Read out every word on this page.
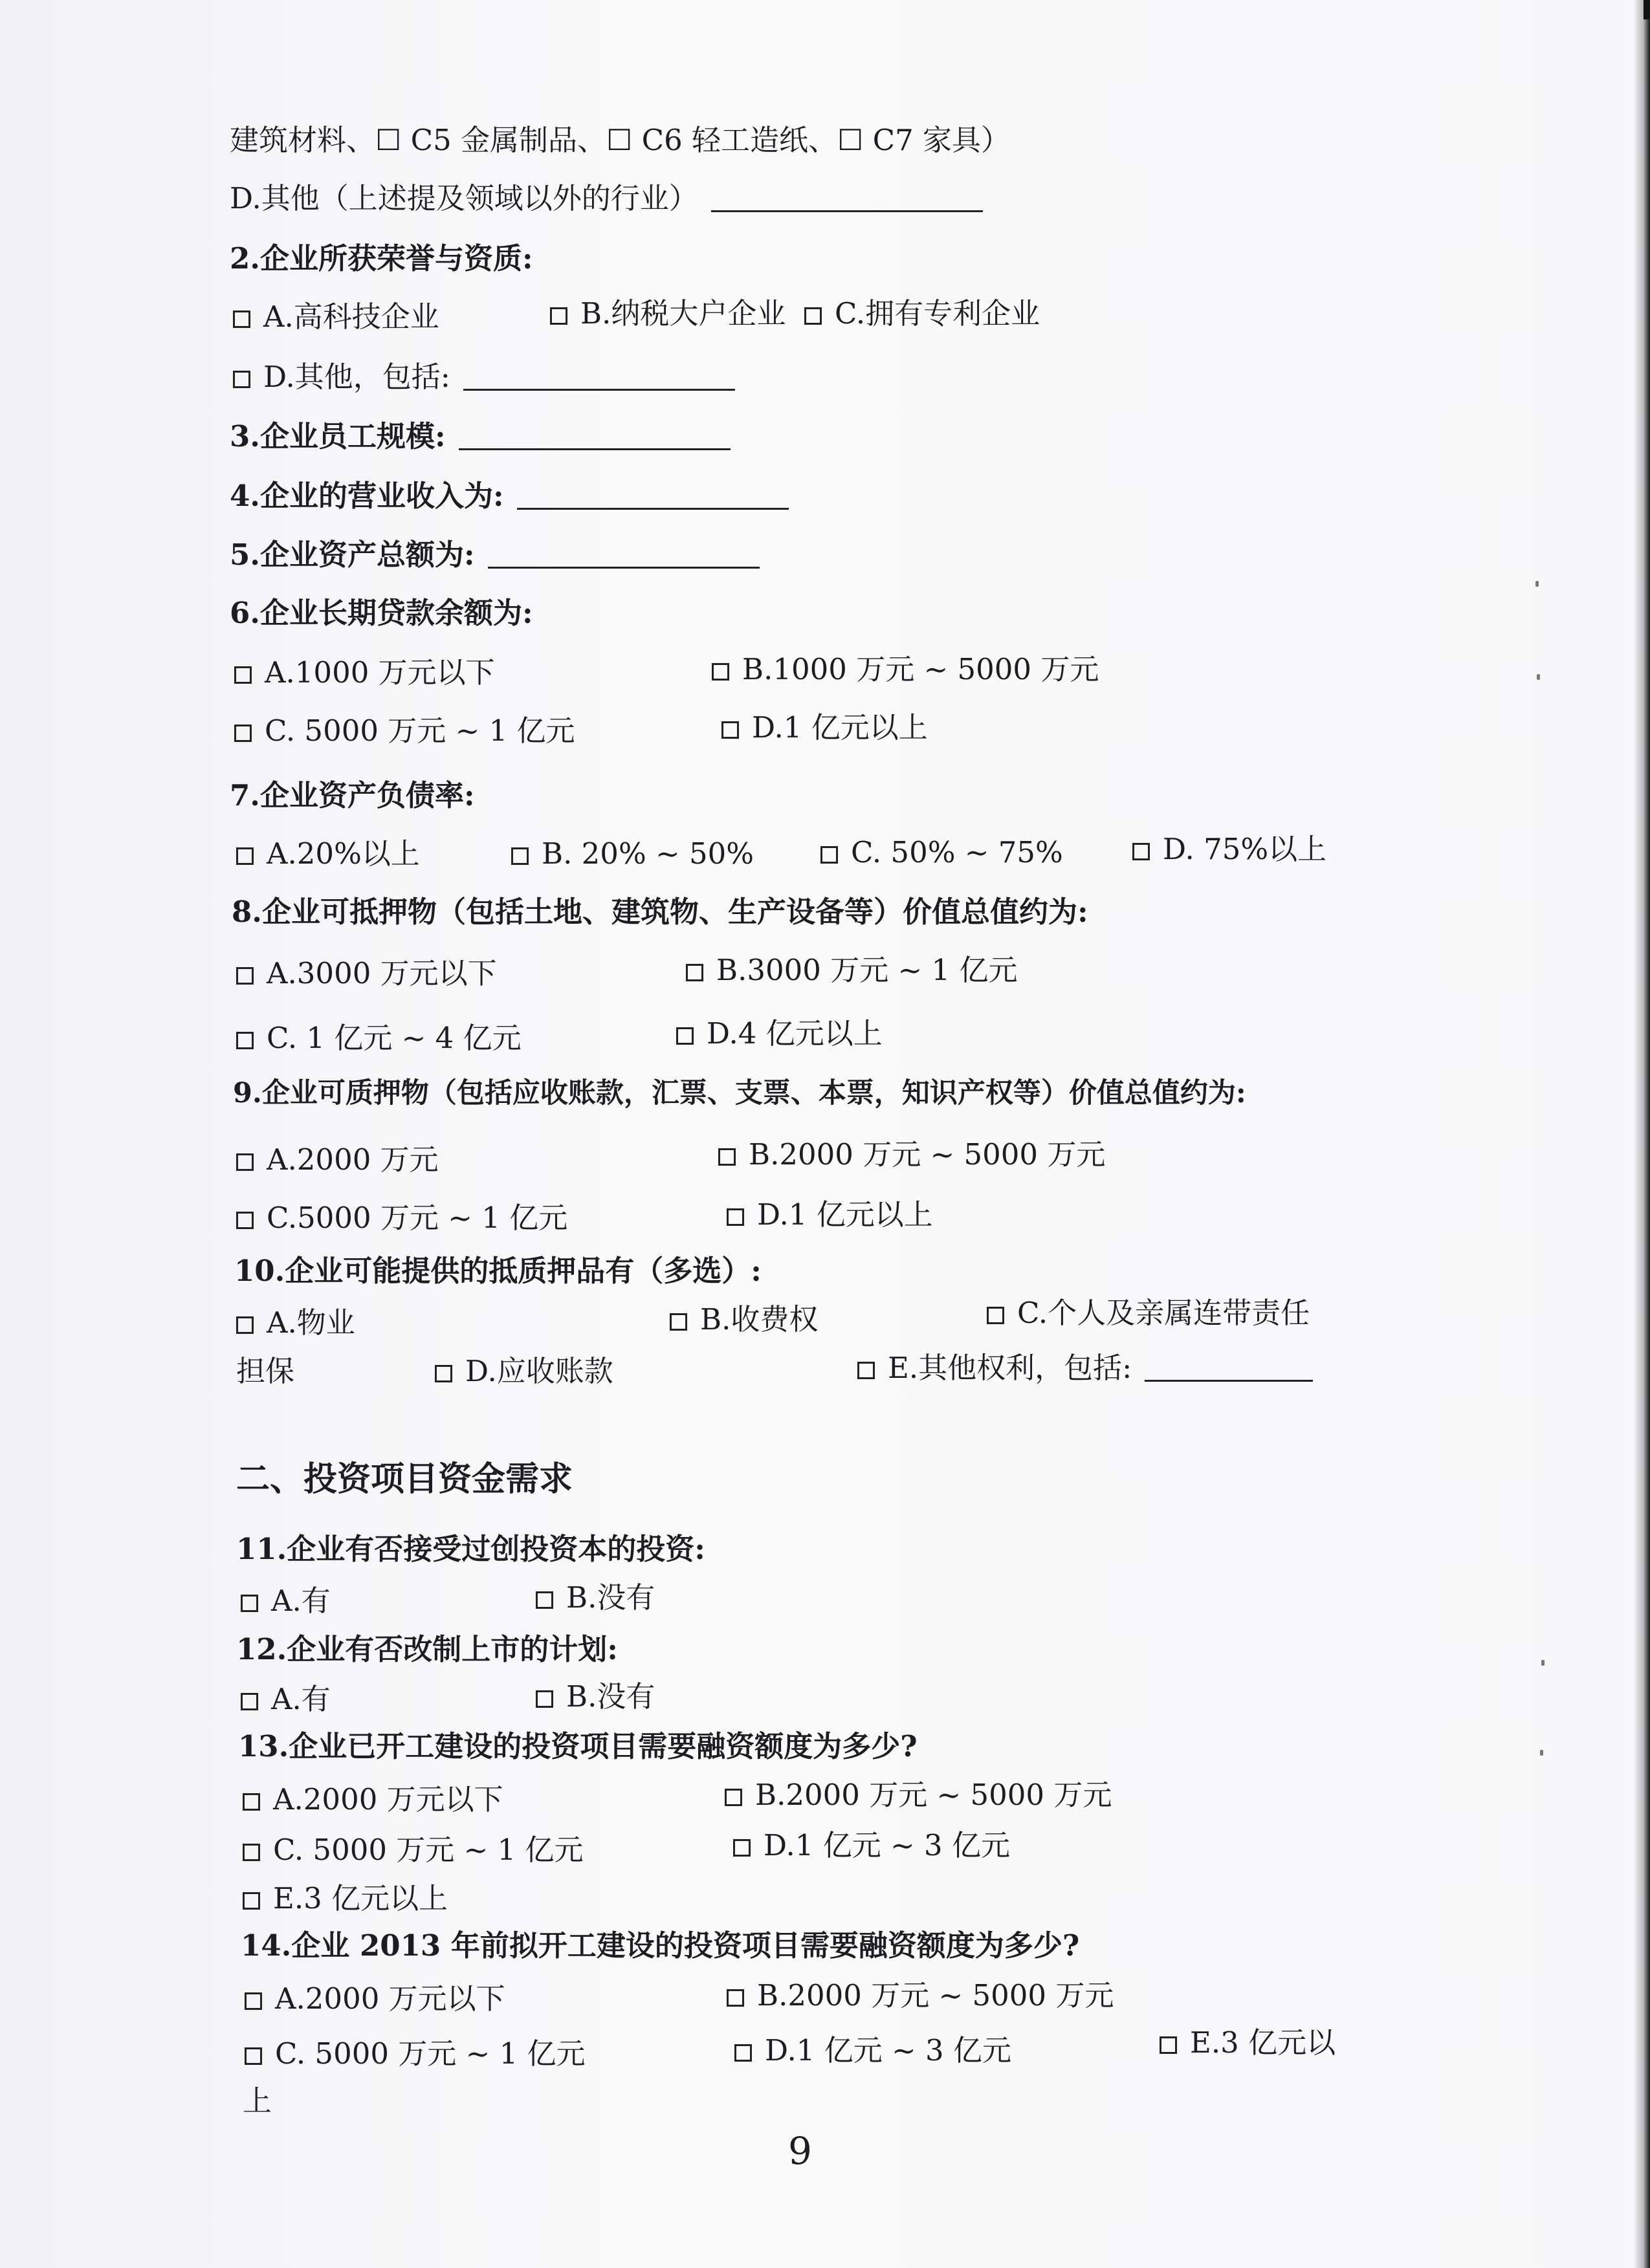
建筑材料、☐ C5 金属制品、☐ C6 轻工造纸、☐ C7 家具）
D.其他（上述提及领域以外的行业）
2.企业所获荣誉与资质:
A.高科技企业	B.纳税大户企业	C.拥有专利企业
D.其他，包括:
3.企业员工规模:
4.企业的营业收入为:
5.企业资产总额为:
6.企业长期贷款余额为:
A.1000 万元以下	B.1000 万元 ~ 5000 万元
C. 5000 万元 ~ 1 亿元	D.1 亿元以上
7.企业资产负债率:
A.20%以上	B. 20% ~ 50%	C. 50% ~ 75%	D. 75%以上
8.企业可抵押物（包括土地、建筑物、生产设备等）价值总值约为:
A.3000 万元以下	B.3000 万元 ~ 1 亿元
C. 1 亿元 ~ 4 亿元	D.4 亿元以上
9.企业可质押物（包括应收账款，汇票、支票、本票，知识产权等）价值总值约为:
A.2000 万元	B.2000 万元 ~ 5000 万元
C.5000 万元 ~ 1 亿元	D.1 亿元以上
10.企业可能提供的抵质押品有（多选）:
A.物业	B.收费权	C.个人及亲属连带责任
担保	D.应收账款	E.其他权利，包括:
二、投资项目资金需求
11.企业有否接受过创投资本的投资:
A.有	B.没有
12.企业有否改制上市的计划:
A.有	B.没有
13.企业已开工建设的投资项目需要融资额度为多少?
A.2000 万元以下	B.2000 万元 ~ 5000 万元
C. 5000 万元 ~ 1 亿元	D.1 亿元 ~ 3 亿元
E.3 亿元以上
14.企业 2013 年前拟开工建设的投资项目需要融资额度为多少?
A.2000 万元以下	B.2000 万元 ~ 5000 万元
C. 5000 万元 ~ 1 亿元	D.1 亿元 ~ 3 亿元	E.3 亿元以
上
9
